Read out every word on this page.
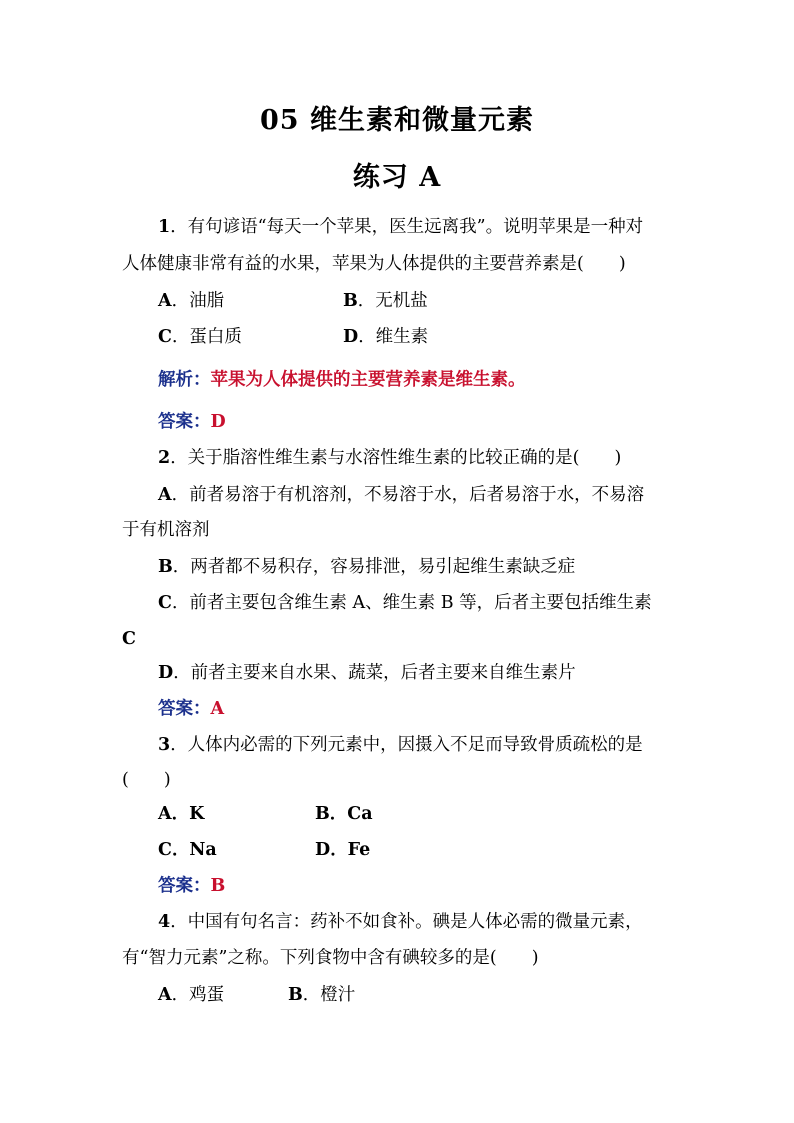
05 维生素和微量元素
练习 A
1．有句谚语“每天一个苹果，医生远离我”。说明苹果是一种对
人体健康非常有益的水果，苹果为人体提供的主要营养素是(　　)
A．油脂	B．无机盐
C．蛋白质	D．维生素
解析：苹果为人体提供的主要营养素是维生素。
答案：D
2．关于脂溶性维生素与水溶性维生素的比较正确的是(　　)
A．前者易溶于有机溶剂，不易溶于水，后者易溶于水，不易溶
于有机溶剂
B．两者都不易积存，容易排泄，易引起维生素缺乏症
C．前者主要包含维生素 A、维生素 B 等，后者主要包括维生素
C
D．前者主要来自水果、蔬菜，后者主要来自维生素片
答案：A
3．人体内必需的下列元素中，因摄入不足而导致骨质疏松的是
(　　)
A．K	B．Ca
C．Na	D．Fe
答案：B
4．中国有句名言：药补不如食补。碘是人体必需的微量元素，
有“智力元素”之称。下列食物中含有碘较多的是(　　)
A．鸡蛋	B．橙汁
